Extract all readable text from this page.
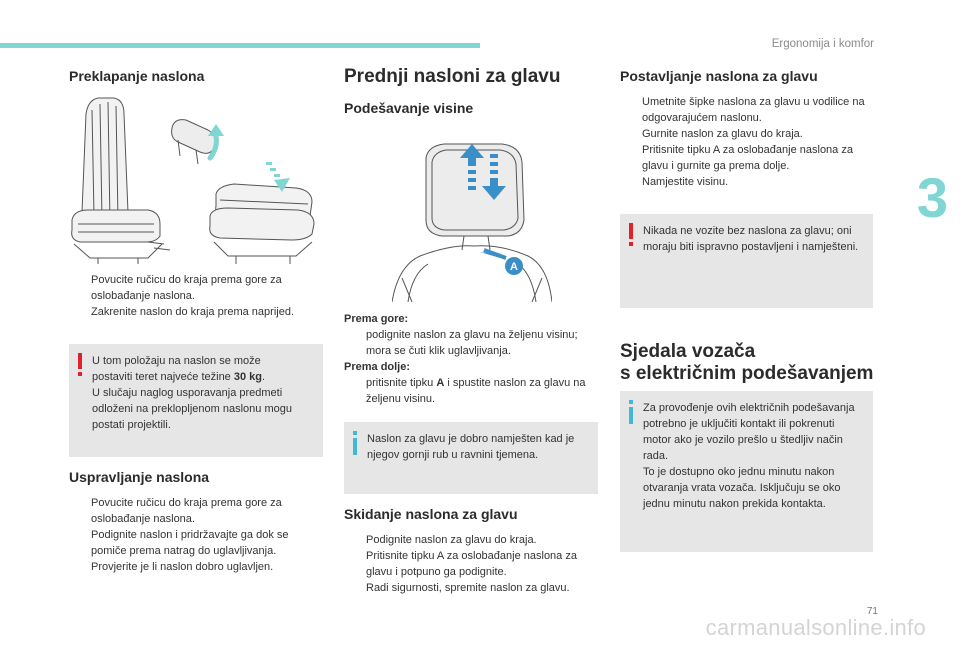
Ergonomija i komfor
3
71
carmanualsonline.info
Preklapanje naslona
Povucite ručicu do kraja prema gore za oslobađanje naslona.
Zakrenite naslon do kraja prema naprijed.
U tom položaju na naslon se može
postaviti teret najveće težine 30 kg.
U slučaju naglog usporavanja predmeti odloženi na preklopljenom naslonu mogu postati projektili.
Uspravljanje naslona
Povucite ručicu do kraja prema gore za oslobađanje naslona.
Podignite naslon i pridržavajte ga dok se pomiče prema natrag do uglavljivanja.
Provjerite je li naslon dobro uglavljen.
Prednji nasloni za glavu
Podešavanje visine
A
Prema gore:
podignite naslon za glavu na željenu visinu; mora se čuti klik uglavljivanja.
Prema dolje:
pritisnite tipku A i spustite naslon za glavu na željenu visinu.
Naslon za glavu je dobro namješten kad je njegov gornji rub u ravnini tjemena.
Skidanje naslona za glavu
Podignite naslon za glavu do kraja.
Pritisnite tipku A za oslobađanje naslona za glavu i potpuno ga podignite.
Radi sigurnosti, spremite naslon za glavu.
Postavljanje naslona za glavu
Umetnite šipke naslona za glavu u vodilice na odgovarajućem naslonu.
Gurnite naslon za glavu do kraja.
Pritisnite tipku A za oslobađanje naslona za glavu i gurnite ga prema dolje.
Namjestite visinu.
Nikada ne vozite bez naslona za glavu; oni moraju biti ispravno postavljeni i namješteni.
Sjedala vozača
s električnim podešavanjem
Za provođenje ovih električnih podešavanja potrebno je uključiti kontakt ili pokrenuti motor ako je vozilo prešlo u štedljiv način rada.
To je dostupno oko jednu minutu nakon otvaranja vrata vozača. Isključuju se oko jednu minutu nakon prekida kontakta.
